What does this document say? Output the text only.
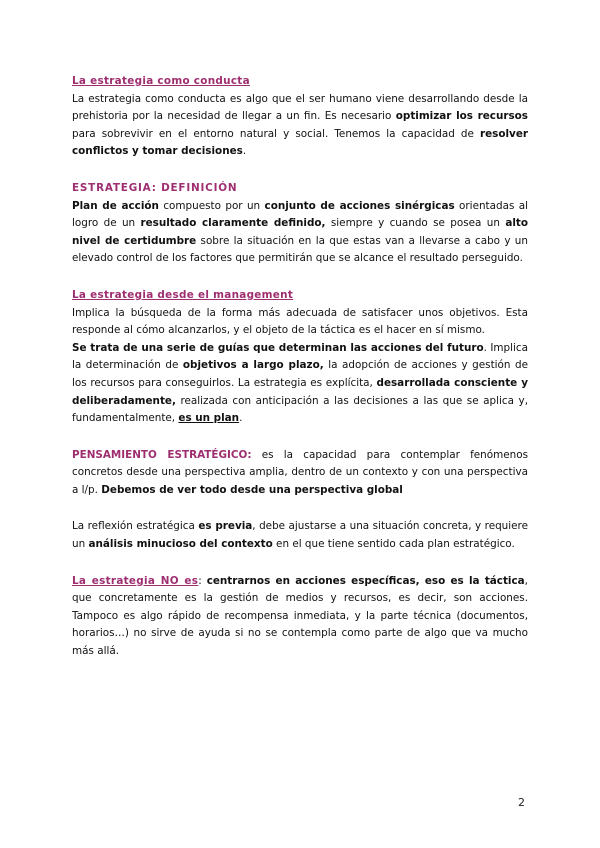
La estrategia como conducta
La estrategia como conducta es algo que el ser humano viene desarrollando desde la prehistoria por la necesidad de llegar a un fin. Es necesario optimizar los recursos para sobrevivir en el entorno natural y social. Tenemos la capacidad de resolver conflictos y tomar decisiones.
ESTRATEGIA: DEFINICIÓN
Plan de acción compuesto por un conjunto de acciones sinérgicas orientadas al logro de un resultado claramente definido, siempre y cuando se posea un alto nivel de certidumbre sobre la situación en la que estas van a llevarse a cabo y un elevado control de los factores que permitirán que se alcance el resultado perseguido.
La estrategia desde el management
Implica la búsqueda de la forma más adecuada de satisfacer unos objetivos. Esta responde al cómo alcanzarlos, y el objeto de la táctica es el hacer en sí mismo.
Se trata de una serie de guías que determinan las acciones del futuro. Implica la determinación de objetivos a largo plazo, la adopción de acciones y gestión de los recursos para conseguirlos. La estrategia es explícita, desarrollada consciente y deliberadamente, realizada con anticipación a las decisiones a las que se aplica y, fundamentalmente, es un plan.
PENSAMIENTO ESTRATÉGICO: es la capacidad para contemplar fenómenos concretos desde una perspectiva amplia, dentro de un contexto y con una perspectiva a l/p. Debemos de ver todo desde una perspectiva global
La reflexión estratégica es previa, debe ajustarse a una situación concreta, y requiere un análisis minucioso del contexto en el que tiene sentido cada plan estratégico.
La estrategia NO es: centrarnos en acciones específicas, eso es la táctica, que concretamente es la gestión de medios y recursos, es decir, son acciones. Tampoco es algo rápido de recompensa inmediata, y la parte técnica (documentos, horarios…) no sirve de ayuda si no se contempla como parte de algo que va mucho más allá.
2
